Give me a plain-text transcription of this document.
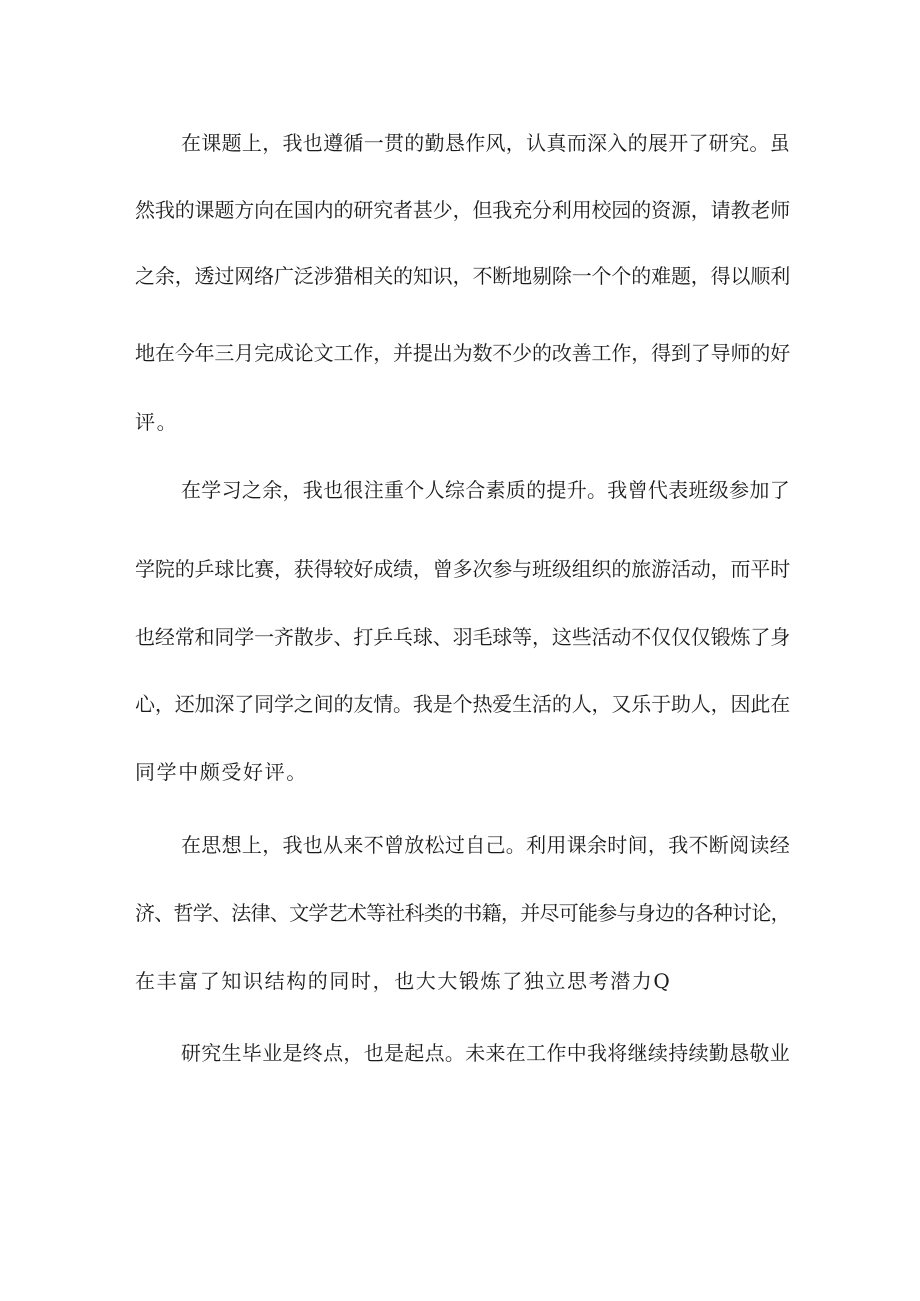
在课题上，我也遵循一贯的勤恳作风，认真而深入的展开了研究。虽

然我的课题方向在国内的研究者甚少，但我充分利用校园的资源，请教老师

之余，透过网络广泛涉猎相关的知识，不断地剔除一个个的难题，得以顺利

地在今年三月完成论文工作，并提出为数不少的改善工作，得到了导师的好

评。

在学习之余，我也很注重个人综合素质的提升。我曾代表班级参加了

学院的乒球比赛，获得较好成绩，曾多次参与班级组织的旅游活动，而平时

也经常和同学一齐散步、打乒乓球、羽毛球等，这些活动不仅仅仅锻炼了身

心，还加深了同学之间的友情。我是个热爱生活的人，又乐于助人，因此在

同学中颇受好评。

在思想上，我也从来不曾放松过自己。利用课余时间，我不断阅读经

济、哲学、法律、文学艺术等社科类的书籍，并尽可能参与身边的各种讨论，

在丰富了知识结构的同时，也大大锻炼了独立思考潜力Q

研究生毕业是终点，也是起点。未来在工作中我将继续持续勤恳敬业
